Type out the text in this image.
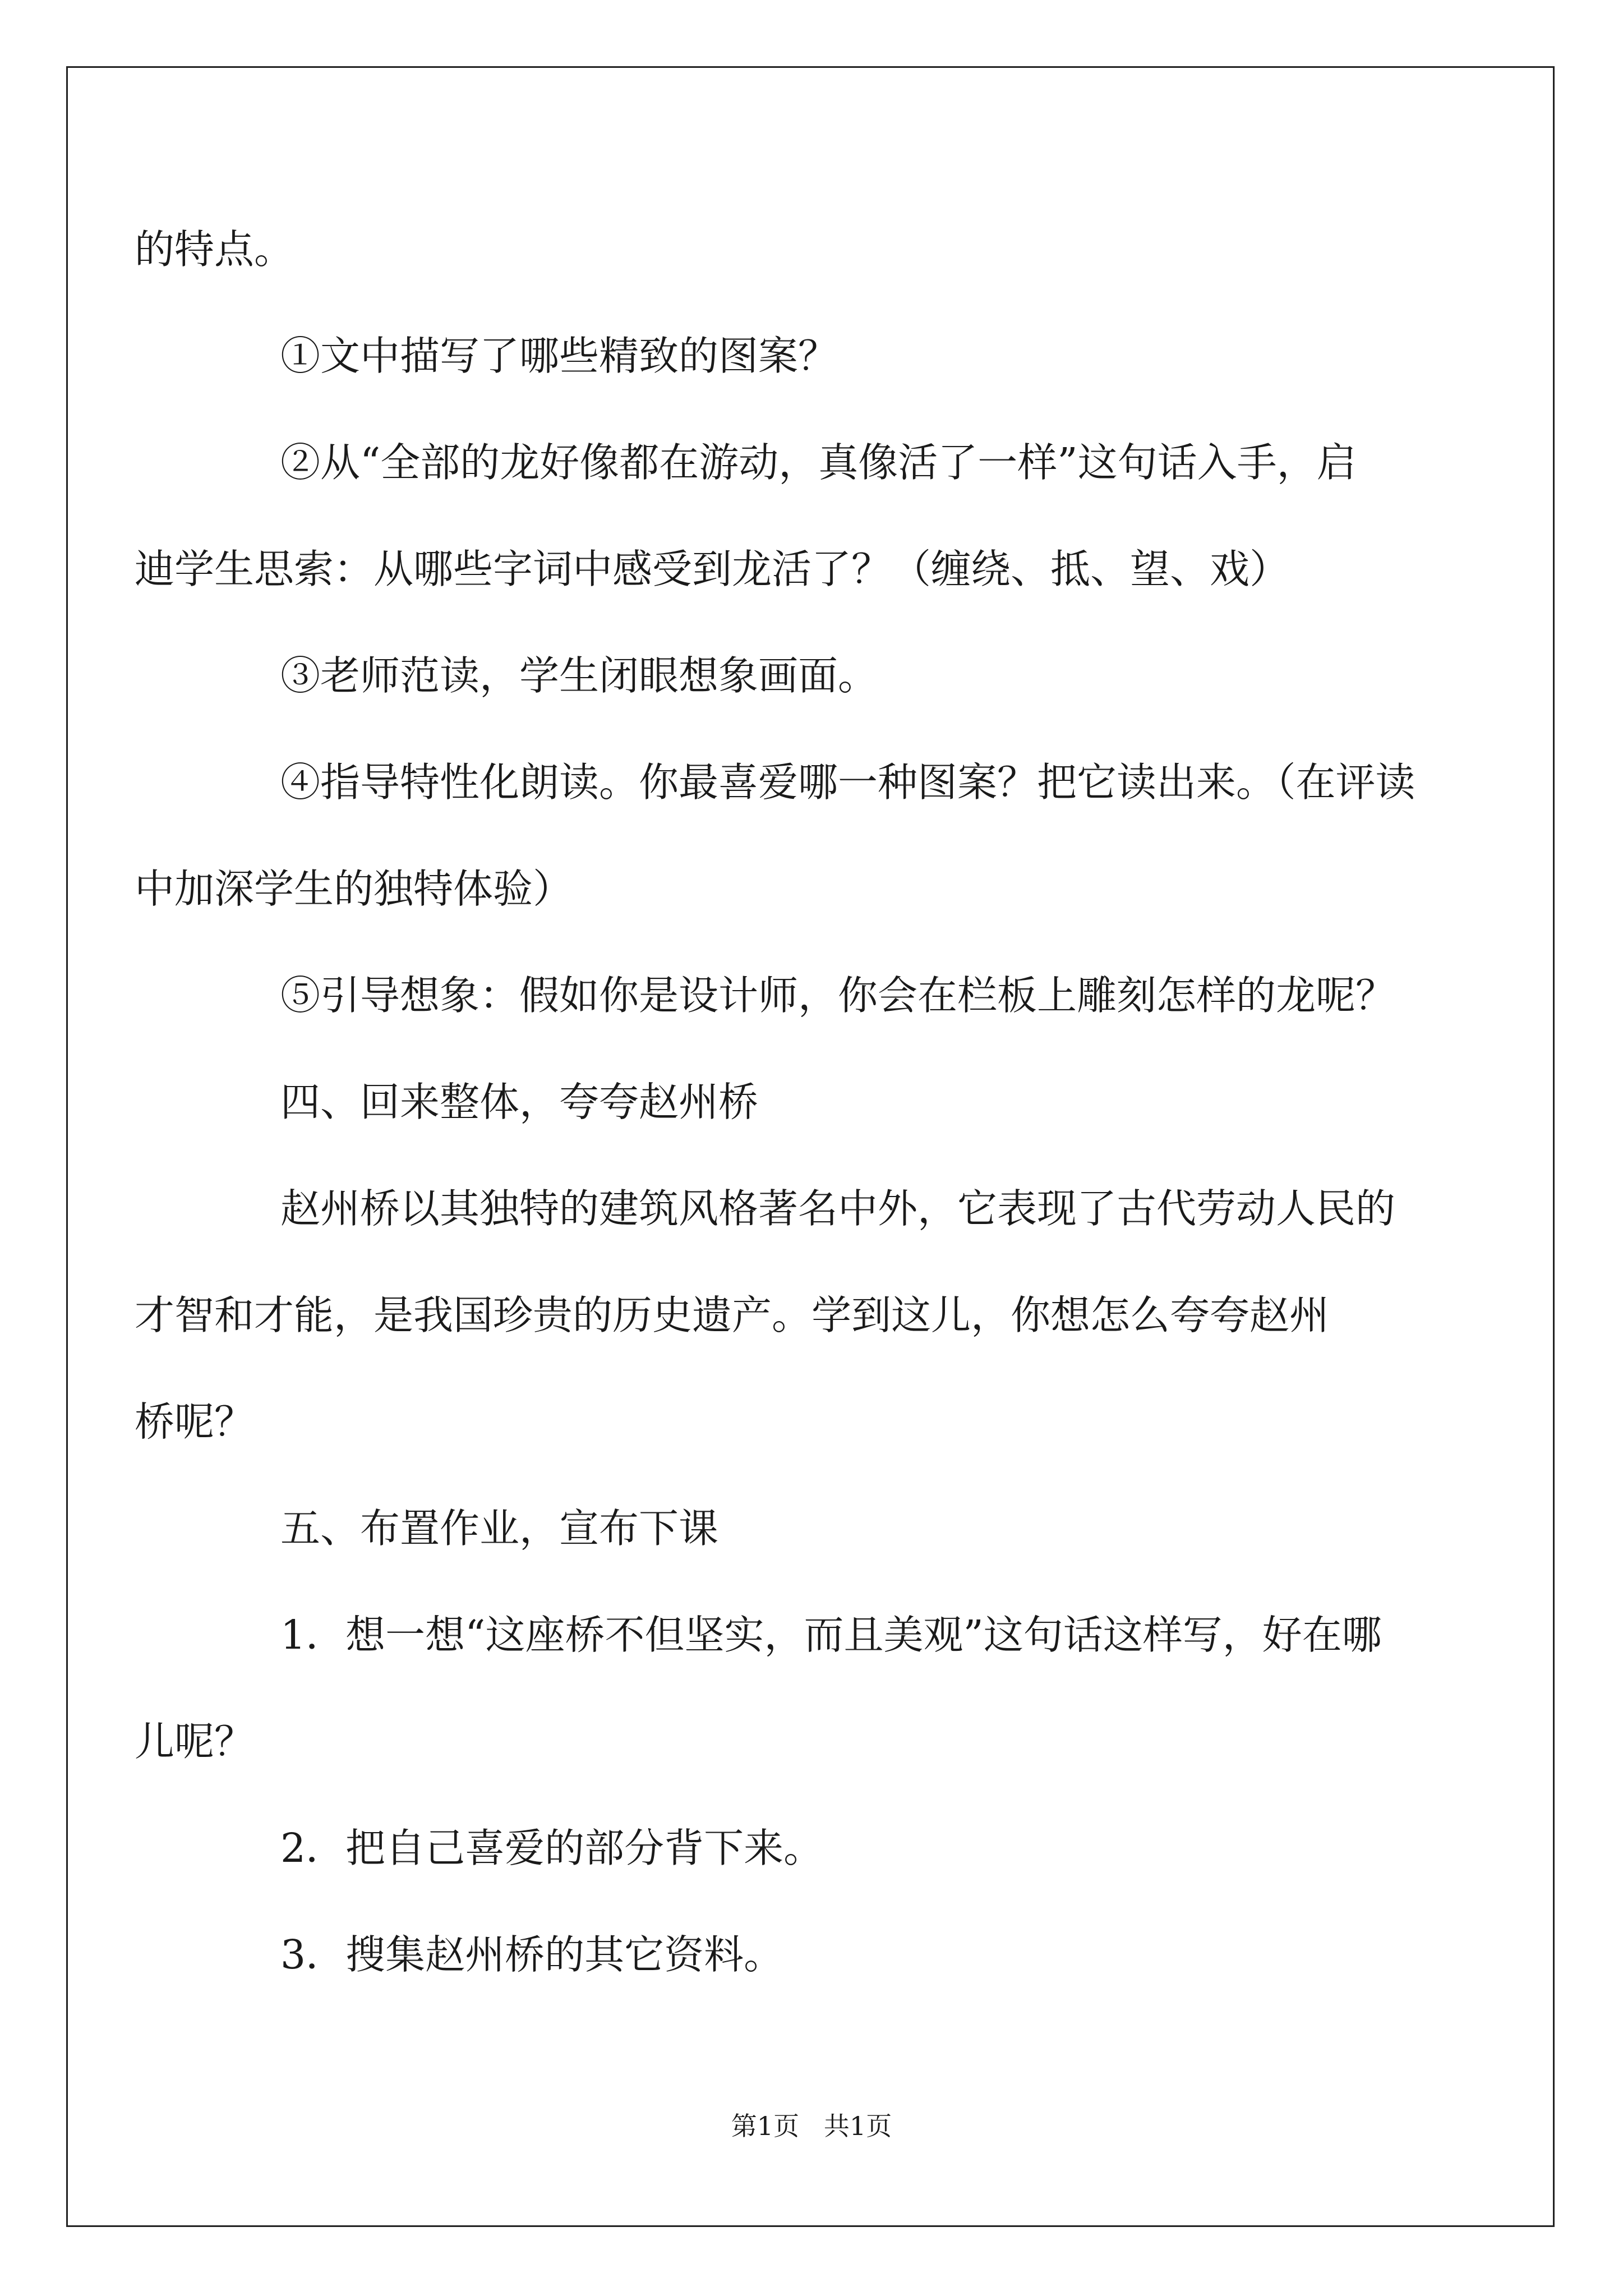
的特点。
①文中描写了哪些精致的图案？
②从“全部的龙好像都在游动，真像活了一样”这句话入手，启
迪学生思索：从哪些字词中感受到龙活了？（缠绕、抵、望、戏）
③老师范读，学生闭眼想象画面。
④指导特性化朗读。你最喜爱哪一种图案？把它读出来。（在评读
中加深学生的独特体验）
⑤引导想象：假如你是设计师，你会在栏板上雕刻怎样的龙呢？
四、回来整体，夸夸赵州桥
赵州桥以其独特的建筑风格著名中外，它表现了古代劳动人民的
才智和才能，是我国珍贵的历史遗产。学到这儿，你想怎么夸夸赵州
桥呢？
五、布置作业，宣布下课
1．想一想“这座桥不但坚实，而且美观”这句话这样写，好在哪
儿呢？
2．把自己喜爱的部分背下来。
3．搜集赵州桥的其它资料。
第1页   共1页
